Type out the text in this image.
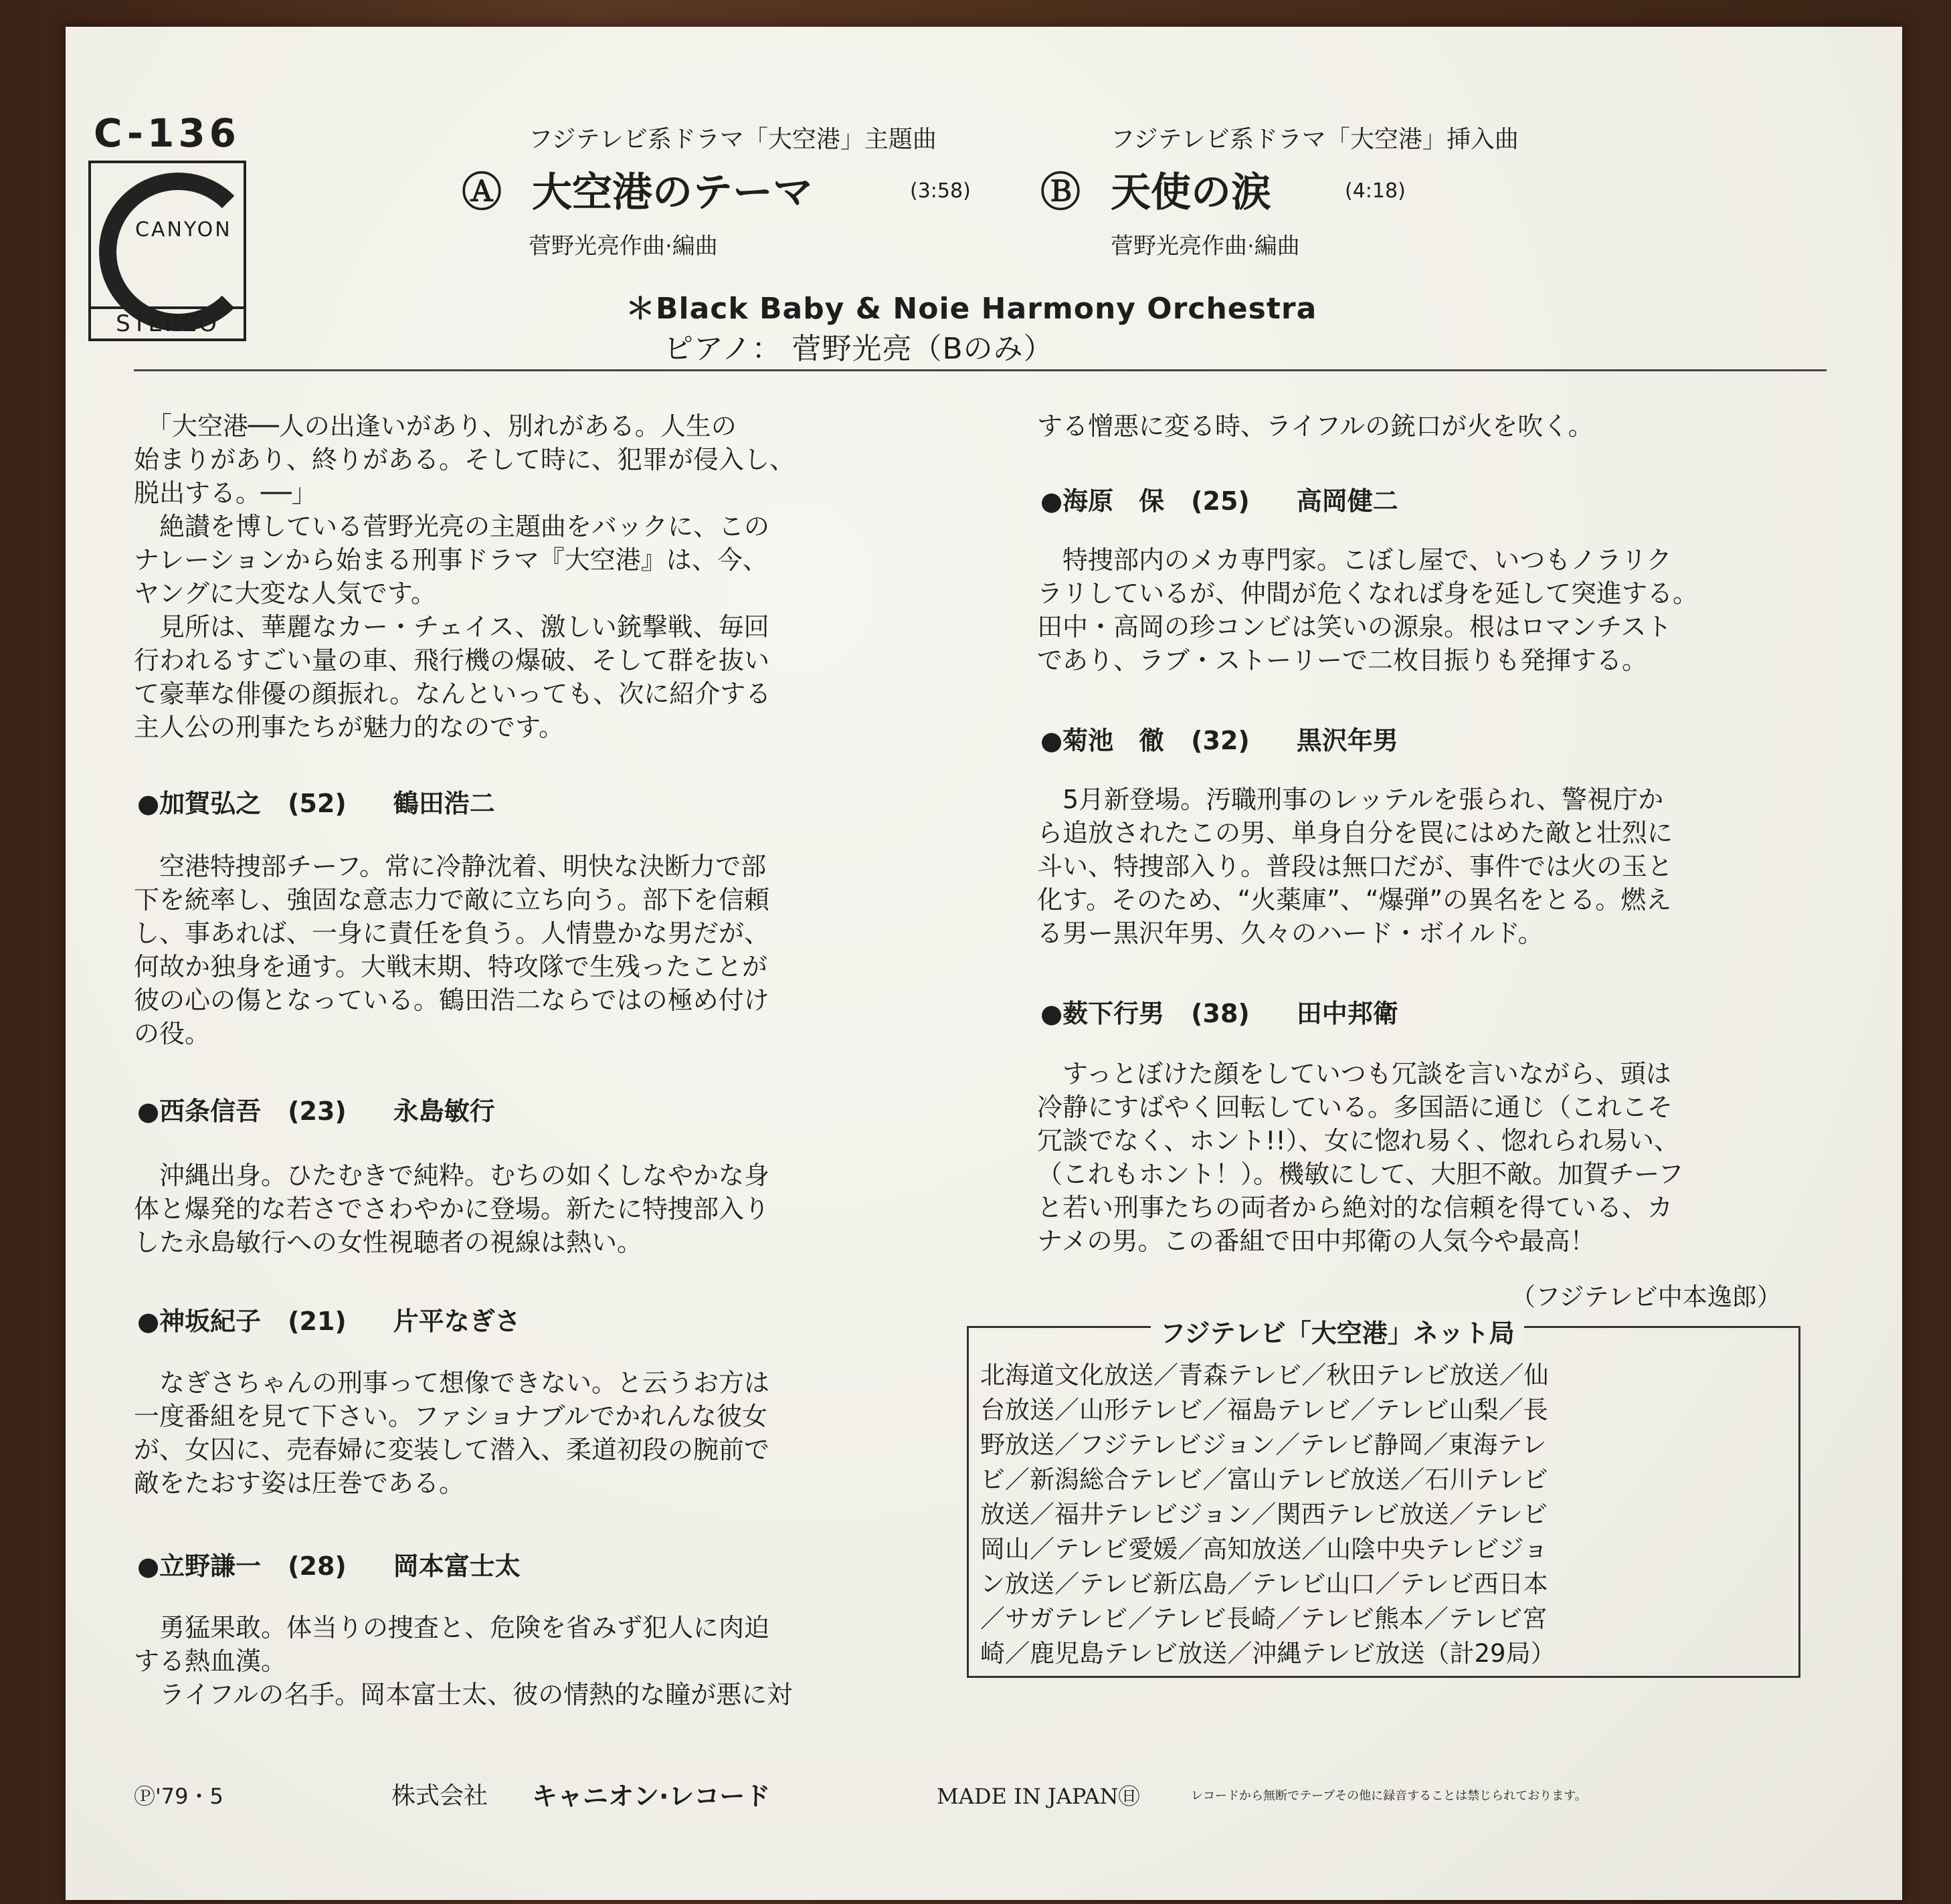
C-136
CANYON
STEREO
フジテレビ系ドラマ「大空港」主題曲
Ⓐ 大空港のテーマ	(3:58)
菅野光亮作曲·編曲
フジテレビ系ドラマ「大空港」挿入曲
Ⓑ 天使の涙	(4:18)
菅野光亮作曲·編曲
＊Black Baby & Noie Harmony Orchestra
ピアノ： 菅野光亮（Bのみ）
　「大空港──人の出逢いがあり、別れがある。人生の
始まりがあり、終りがある。そして時に、犯罪が侵入し、
脱出する。──」
　絶讃を博している菅野光亮の主題曲をバックに、この
ナレーションから始まる刑事ドラマ『大空港』は、今、
ヤングに大変な人気です。
　見所は、華麗なカー・チェイス、激しい銃撃戦、毎回
行われるすごい量の車、飛行機の爆破、そして群を抜い
て豪華な俳優の顔振れ。なんといっても、次に紹介する
主人公の刑事たちが魅力的なのです。
●加賀弘之 (52) 鶴田浩二
　空港特捜部チーフ。常に冷静沈着、明快な決断力で部
下を統率し、強固な意志力で敵に立ち向う。部下を信頼
し、事あれば、一身に責任を負う。人情豊かな男だが、
何故か独身を通す。大戦末期、特攻隊で生残ったことが
彼の心の傷となっている。鶴田浩二ならではの極め付け
の役。
●西条信吾 (23) 永島敏行
　沖縄出身。ひたむきで純粋。むちの如くしなやかな身
体と爆発的な若さでさわやかに登場。新たに特捜部入り
した永島敏行への女性視聴者の視線は熱い。
●神坂紀子 (21) 片平なぎさ
　なぎさちゃんの刑事って想像できない。と云うお方は
一度番組を見て下さい。ファショナブルでかれんな彼女
が、女囚に、売春婦に変装して潜入、柔道初段の腕前で
敵をたおす姿は圧巻である。
●立野謙一 (28) 岡本富士太
　勇猛果敢。体当りの捜査と、危険を省みず犯人に肉迫
する熱血漢。
　ライフルの名手。岡本富士太、彼の情熱的な瞳が悪に対
する憎悪に変る時、ライフルの銃口が火を吹く。
●海原　保 (25) 高岡健二
　特捜部内のメカ専門家。こぼし屋で、いつもノラリク
ラリしているが、仲間が危くなれば身を延して突進する。
田中・高岡の珍コンビは笑いの源泉。根はロマンチスト
であり、ラブ・ストーリーで二枚目振りも発揮する。
●菊池　徹 (32) 黒沢年男
　5月新登場。汚職刑事のレッテルを張られ、警視庁か
ら追放されたこの男、単身自分を罠にはめた敵と壮烈に
斗い、特捜部入り。普段は無口だが、事件では火の玉と
化す。そのため、“火薬庫”、“爆弾”の異名をとる。燃え
る男ー黒沢年男、久々のハード・ボイルド。
●薮下行男 (38) 田中邦衛
　すっとぼけた顔をしていつも冗談を言いながら、頭は
冷静にすばやく回転している。多国語に通じ（これこそ
冗談でなく、ホント!!）、女に惚れ易く、惚れられ易い、
（これもホント！）。機敏にして、大胆不敵。加賀チーフ
と若い刑事たちの両者から絶対的な信頼を得ている、カ
ナメの男。この番組で田中邦衛の人気今や最高！
（フジテレビ中本逸郎）
フジテレビ「大空港」ネット局
北海道文化放送／青森テレビ／秋田テレビ放送／仙
台放送／山形テレビ／福島テレビ／テレビ山梨／長
野放送／フジテレビジョン／テレビ静岡／東海テレ
ビ／新潟総合テレビ／富山テレビ放送／石川テレビ
放送／福井テレビジョン／関西テレビ放送／テレビ
岡山／テレビ愛媛／高知放送／山陰中央テレビジョ
ン放送／テレビ新広島／テレビ山口／テレビ西日本
／サガテレビ／テレビ長崎／テレビ熊本／テレビ宮
崎／鹿児島テレビ放送／沖縄テレビ放送（計29局）
Ⓟ'79・5	株式会社 キャニオン·レコード	MADE IN JAPAN㊐	レコードから無断でテープその他に録音することは禁じられております。
